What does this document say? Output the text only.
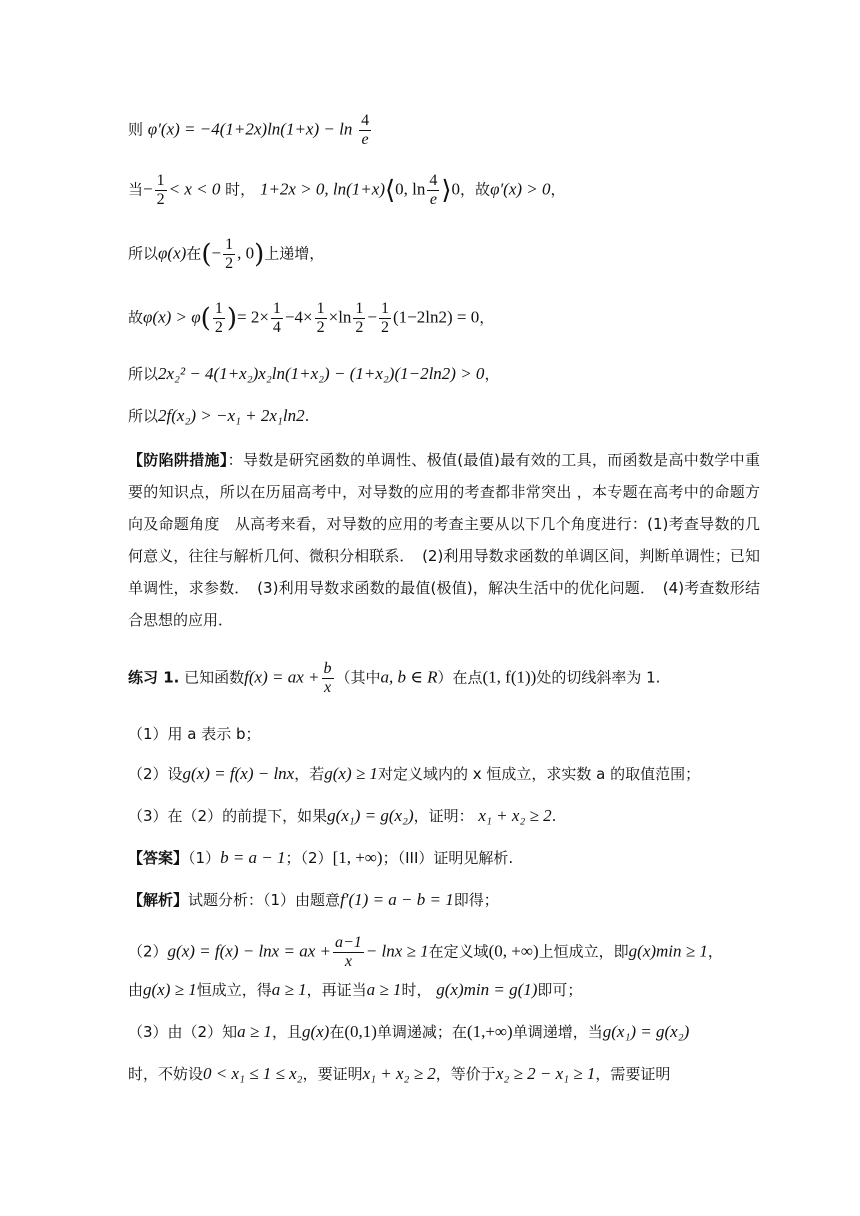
则 $\varphi'(x) = -4(1+2x)\ln(1+x) - \ln \frac{4}{e}$
当− $\frac{1}{2} < x < 0$ 时， 1+2x > 0, ln(1+x)⟨0, $\ln \frac{4}{e}$ ⟩0，故φ′(x) > 0，
所以φ(x)在(− $\frac{1}{2}$ , 0)上递增，
故$\varphi(x) > \varphi( \frac{1}{2}$ )= $2\times \frac{1}{4} -4\times \frac{1}{2} \times\ln \frac{1}{2} - \frac{1}{2} (1-2\ln 2) = 0$，
所以2x₂² − 4(1+x₂)x₂ln(1+x₂) − (1+x₂)(1−2ln2) > 0，
所以2f(x₂) > −x₁ + 2x₁ln2.
【防陷阱措施】：导数是研究函数的单调性、极值(最值)最有效的工具，而函数是高中数学中重要的知识点，所以在历届高考中，对导数的应用的考查都非常突出 ，本专题在高考中的命题方向及命题角度　从高考来看，对导数的应用的考查主要从以下几个角度进行：(1)考查导数的几何意义，往往与解析几何、微积分相联系．　(2)利用导数求函数的单调区间，判断单调性；已知单调性，求参数．　(3)利用导数求函数的最值(极值)，解决生活中的优化问题．　(4)考查数形结合思想的应用．
练习 1. 已知函数f(x) = ax + $\frac{b}{x}$ （其中a, b ∈ R）在点(1, f(1))处的切线斜率为 1.
（1）用 a 表示 b；
（2）设g(x) = f(x) − lnx，若g(x) ≥ 1对定义域内的 x 恒成立，求实数 a 的取值范围；
（3）在（2）的前提下，如果g(x₁) = g(x₂)，证明： x₁ + x₂ ≥ 2.
【答案】（1）b = a − 1；（2）[1, +∞)；（III）证明见解析.
【解析】试题分析：（1）由题意f′(1) = a − b = 1即得；
（2）g(x) = f(x) − lnx = ax + $\frac{a-1}{x} - \ln x \ge 1$在定义域(0, +∞)上恒成立，即g(x)min ≥ 1，
由g(x) ≥ 1恒成立，得a ≥ 1，再证当a ≥ 1时， g(x)min = g(1)即可；
（3）由（2）知a ≥ 1，且g(x)在(0,1)单调递减；在(1,+∞)单调递增，当g(x₁) = g(x₂)
时，不妨设0 < x₁ ≤ 1 ≤ x₂，要证明x₁ + x₂ ≥ 2，等价于x₂ ≥ 2 − x₁ ≥ 1，需要证明
